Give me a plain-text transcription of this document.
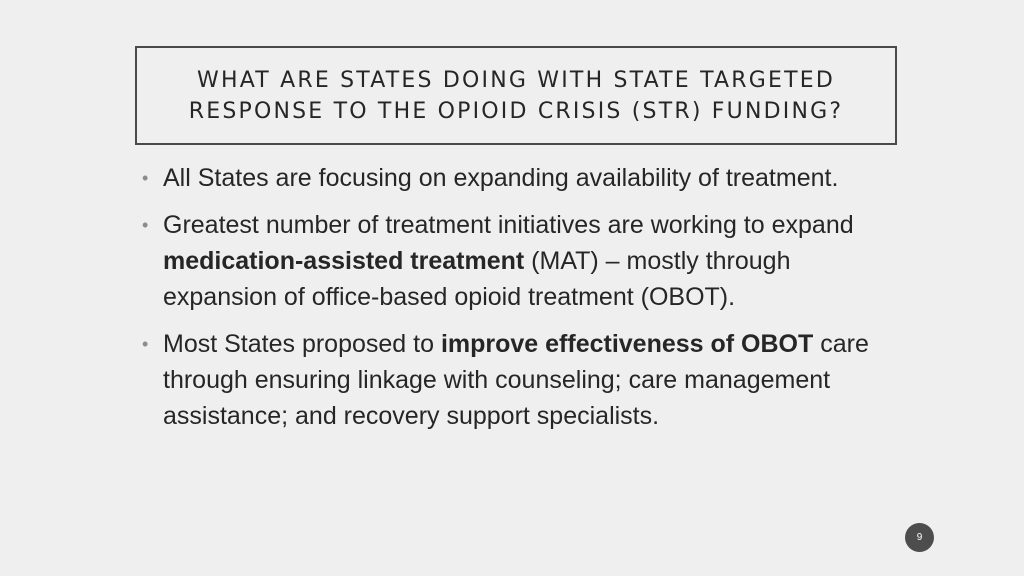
WHAT ARE STATES DOING WITH STATE TARGETED
RESPONSE TO THE OPIOID CRISIS (STR) FUNDING?
• All States are focusing on expanding availability of treatment.
• Greatest number of treatment initiatives are working to expand medication-assisted treatment (MAT) – mostly through expansion of office-based opioid treatment (OBOT).
• Most States proposed to improve effectiveness of OBOT care through ensuring linkage with counseling; care management assistance; and recovery support specialists.
9
